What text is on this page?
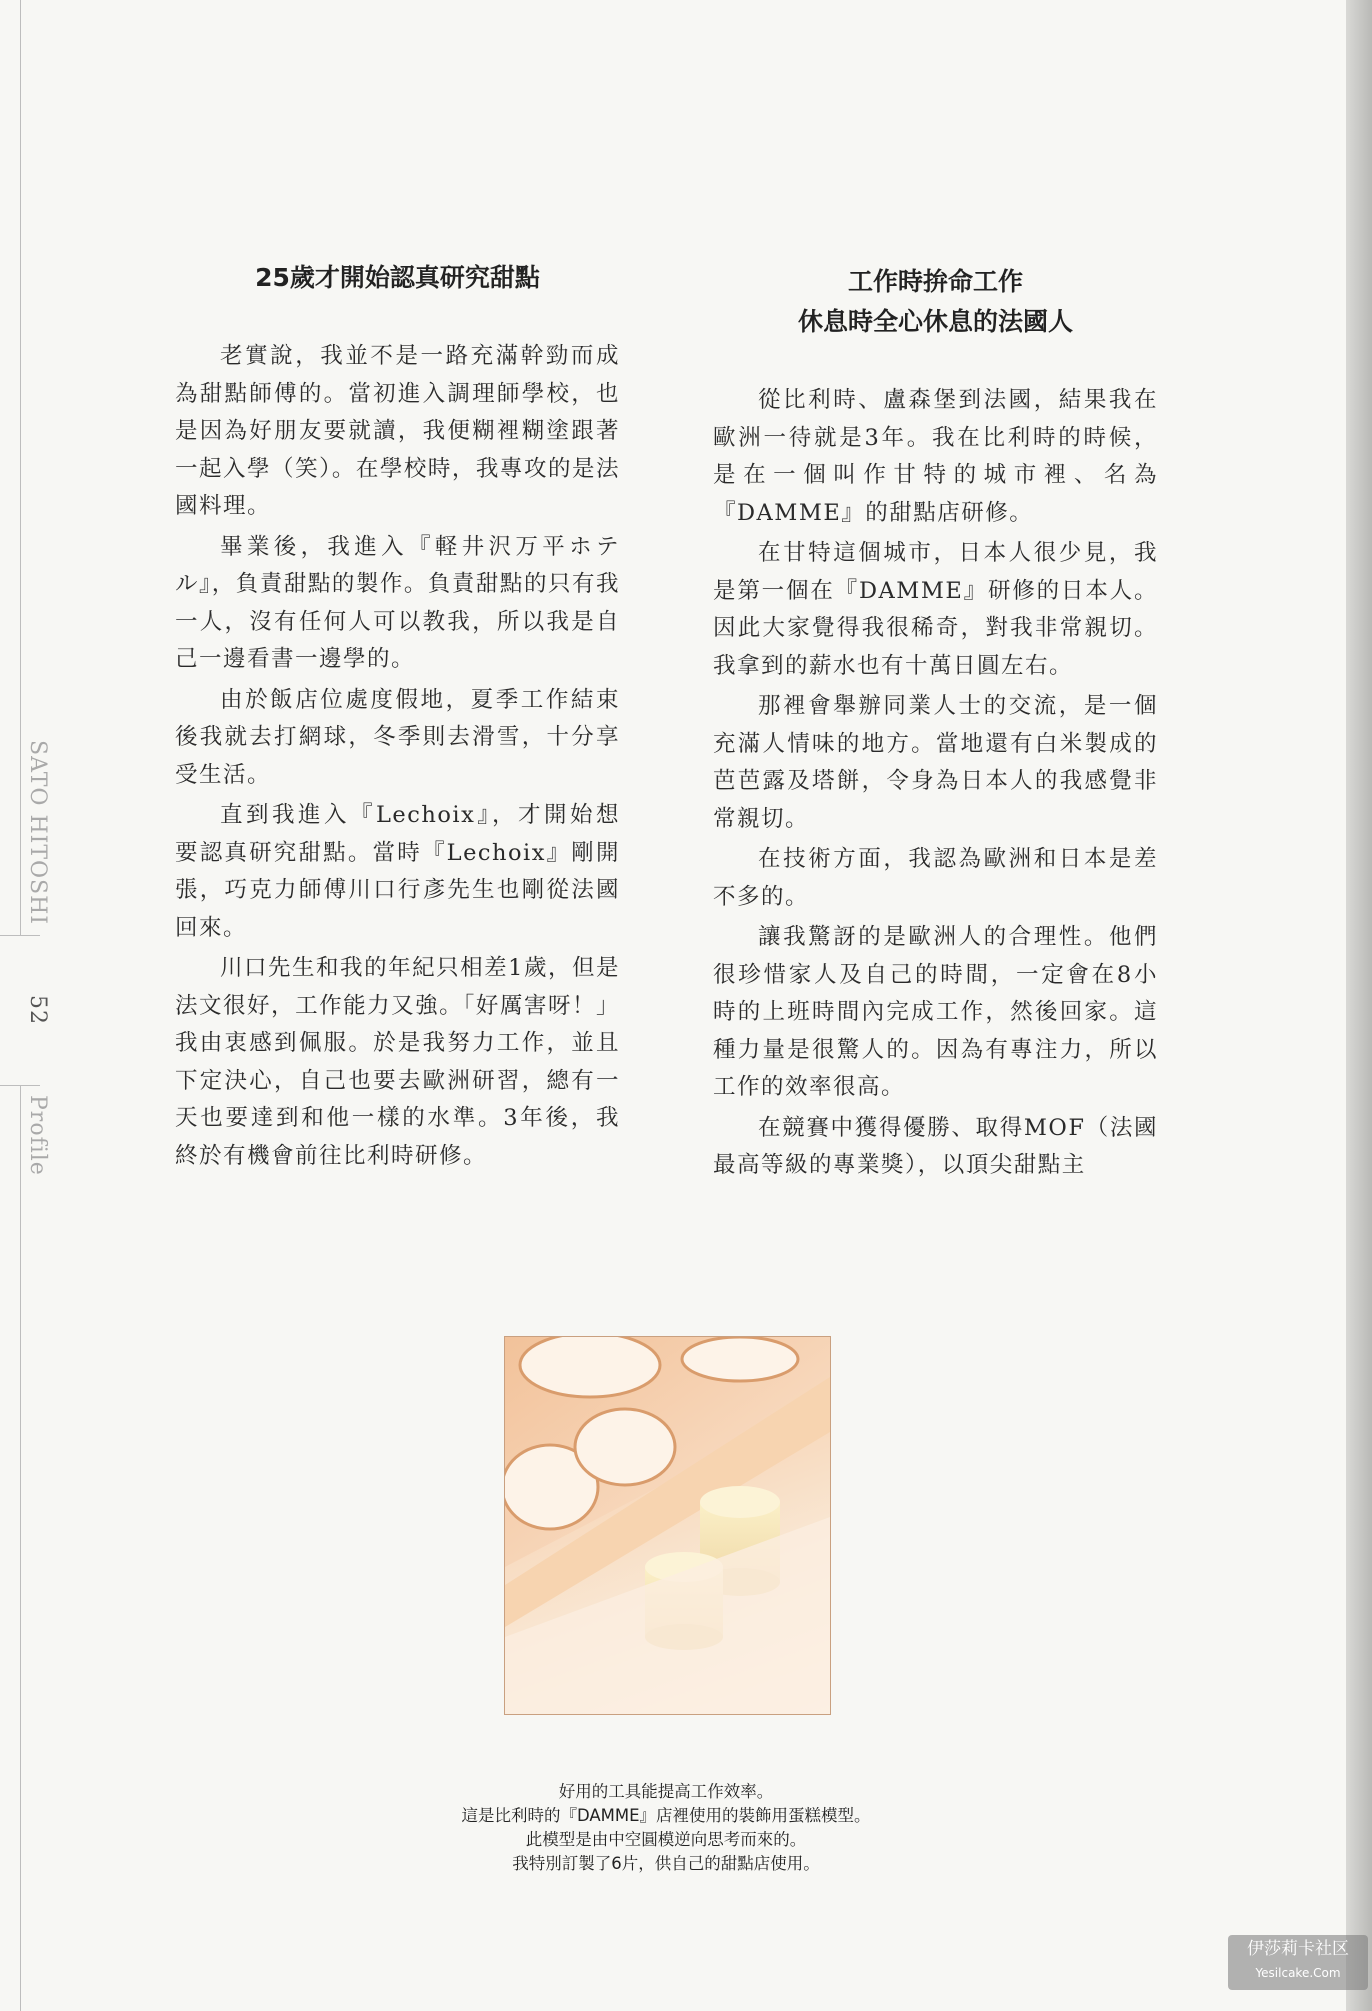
SATO HITOSHI
52
Profile
25歲才開始認真研究甜點

老實說，我並不是一路充滿幹勁而成為甜點師傅的。當初進入調理師學校，也是因為好朋友要就讀，我便糊裡糊塗跟著一起入學（笑）。在學校時，我專攻的是法國料理。

畢業後，我進入『軽井沢万平ホテル』，負責甜點的製作。負責甜點的只有我一人，沒有任何人可以教我，所以我是自己一邊看書一邊學的。

由於飯店位處度假地，夏季工作結束後我就去打網球，冬季則去滑雪，十分享受生活。

直到我進入『Lechoix』，才開始想要認真研究甜點。當時『Lechoix』剛開張，巧克力師傅川口行彥先生也剛從法國回來。

川口先生和我的年紀只相差1歲，但是法文很好，工作能力又強。「好厲害呀！」我由衷感到佩服。於是我努力工作，並且下定決心，自己也要去歐洲研習，總有一天也要達到和他一樣的水準。3年後，我終於有機會前往比利時研修。

工作時拚命工作
休息時全心休息的法國人

從比利時、盧森堡到法國，結果我在歐洲一待就是3年。我在比利時的時候，是在一個叫作甘特的城市裡、名為『DAMME』的甜點店研修。

在甘特這個城市，日本人很少見，我是第一個在『DAMME』研修的日本人。因此大家覺得我很稀奇，對我非常親切。我拿到的薪水也有十萬日圓左右。

那裡會舉辦同業人士的交流，是一個充滿人情味的地方。當地還有白米製成的芭芭露及塔餅，令身為日本人的我感覺非常親切。

在技術方面，我認為歐洲和日本是差不多的。

讓我驚訝的是歐洲人的合理性。他們很珍惜家人及自己的時間，一定會在8小時的上班時間內完成工作，然後回家。這種力量是很驚人的。因為有專注力，所以工作的效率很高。

在競賽中獲得優勝、取得MOF（法國最高等級的專業獎），以頂尖甜點主

好用的工具能提高工作效率。
這是比利時的『DAMME』店裡使用的裝飾用蛋糕模型。
此模型是由中空圓模逆向思考而來的。
我特別訂製了6片，供自己的甜點店使用。
伊莎莉卡社区
Yesilcake.Com
